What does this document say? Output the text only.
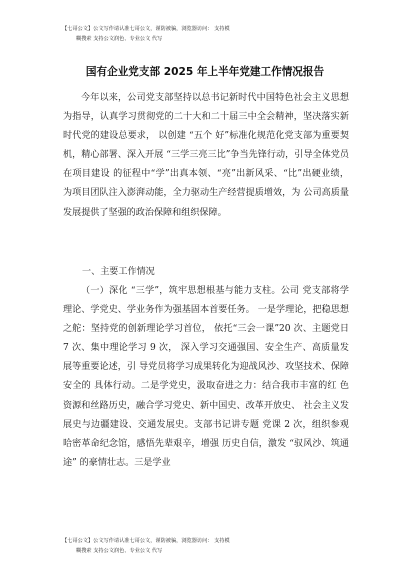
【七哥公文】公文写作请认准七哥公文，谨防被骗，浏览器访问： 支持模
糊搜索 支持公文润色、专业公文 代写
国有企业党支部 2025 年上半年党建工作情况报告

今年以来，公司党支部坚持以总书记新时代中国特色社会主义思想为指导，认真学习贯彻党的二十大和二十届三中全会精神，坚决落实新时代党的建设总要求， 以创建 “五个 好”标准化规范化党支部为重要契机，精心部署、深入开展 “三学三亮三比”争当先锋行动，引导全体党员在项目建设 的征程中“学”出真本领、“亮”出新风采、“比”出硬业绩， 为项目团队注入澎湃动能，全力驱动生产经营提质增效，为 公司高质量发展提供了坚强的政治保障和组织保障。

一、主要工作情况

（一）深化 “三学”，筑牢思想根基与能力支柱。公司 党支部将学理论、学党史、学业务作为强基固本首要任务。 一是学理论，把稳思想之舵：坚持党的创新理论学习首位， 依托“三会一课”20 次、主题党日 7 次、集中理论学习 9 次， 深入学习交通强国、安全生产、高质量发展等重要论述，引 导党员将学习成果转化为迎战风沙、攻坚技术、保障安全的 具体行动。二是学党史，汲取奋进之力：结合我市丰富的红 色资源和丝路历史，融合学习党史、新中国史、改革开放史、 社会主义发展史与边疆建设、交通发展史。支部书记讲专题 党课 2 次，组织参观哈密革命纪念馆，感悟先辈艰辛，增强 历史自信，激发 “驭风沙、筑通途” 的豪情壮志。三是学业

【七哥公文】公文写作请认准七哥公文，谨防被骗，浏览器访问： 支持模
糊搜索 支持公文润色、专业公文 代写
